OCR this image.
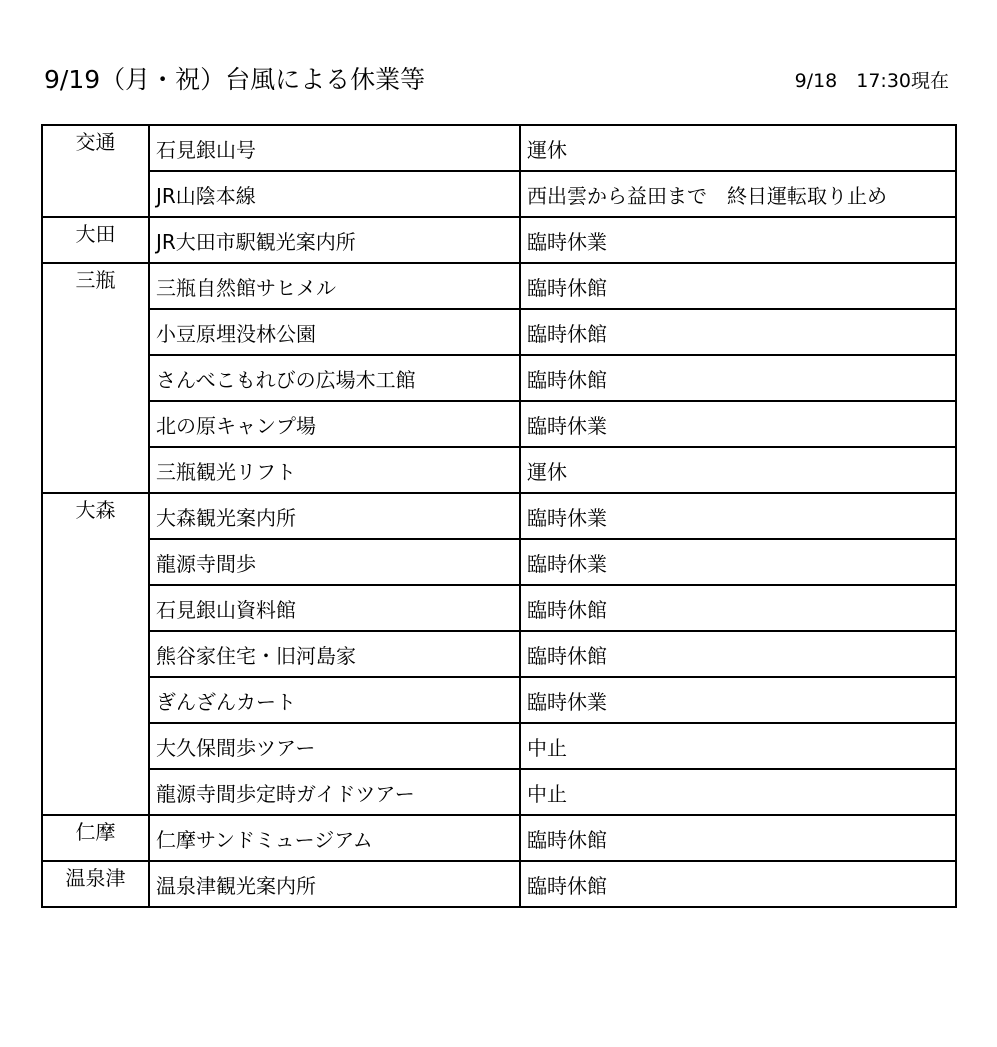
9/19（月・祝）台風による休業等	9/18　17:30現在
交通	石見銀山号	運休
	JR山陰本線	西出雲から益田まで　終日運転取り止め
大田	JR大田市駅観光案内所	臨時休業
三瓶	三瓶自然館サヒメル	臨時休館
	小豆原埋没林公園	臨時休館
	さんべこもれびの広場木工館	臨時休館
	北の原キャンプ場	臨時休業
	三瓶観光リフト	運休
大森	大森観光案内所	臨時休業
	龍源寺間歩	臨時休業
	石見銀山資料館	臨時休館
	熊谷家住宅・旧河島家	臨時休館
	ぎんざんカート	臨時休業
	大久保間歩ツアー	中止
	龍源寺間歩定時ガイドツアー	中止
仁摩	仁摩サンドミュージアム	臨時休館
温泉津	温泉津観光案内所	臨時休館
